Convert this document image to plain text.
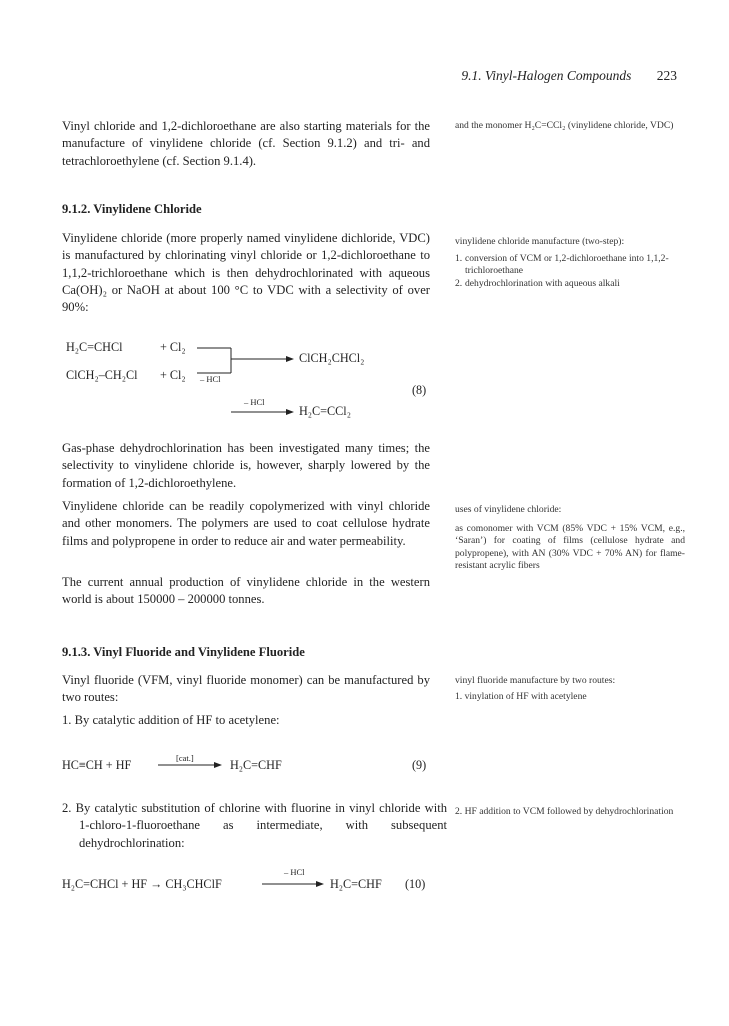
9.1. Vinyl-Halogen Compounds 223

Vinyl chloride and 1,2-dichloroethane are also starting materials for the manufacture of vinylidene chloride (cf. Section 9.1.2) and tri- and tetrachloroethylene (cf. Section 9.1.4).

and the monomer H₂C=CCl₂ (vinylidene chloride, VDC)

9.1.2. Vinylidene Chloride

Vinylidene chloride (more properly named vinylidene dichloride, VDC) is manufactured by chlorinating vinyl chloride or 1,2-dichloroethane to 1,1,2-trichloroethane which is then dehydrochlorinated with aqueous Ca(OH)₂ or NaOH at about 100 °C to VDC with a selectivity of over 90%:

vinylidene chloride manufacture (two-step):
1. conversion of VCM or 1,2-dichloroethane into 1,1,2-trichloroethane
2. dehydrochlorination with aqueous alkali
H₂C=CHCl	+ Cl₂
ClCH₂–CH₂Cl + Cl₂ – HCl
ClCH₂CHCl₂
(8)
– HCl
H₂C=CCl₂

Gas-phase dehydrochlorination has been investigated many times; the selectivity to vinylidene chloride is, however, sharply lowered by the formation of 1,2-dichloroethylene.

Vinylidene chloride can be readily copolymerized with vinyl chloride and other monomers. The polymers are used to coat cellulose hydrate films and polypropene in order to reduce air and water permeability.

The current annual production of vinylidene chloride in the western world is about 150000 – 200000 tonnes.

uses of vinylidene chloride:
as comonomer with VCM (85% VDC + 15% VCM, e.g., ‘Saran’) for coating of films (cellulose hydrate and polypropene), with AN (30% VDC + 70% AN) for flame-resistant acrylic fibers
9.1.3. Vinyl Fluoride and Vinylidene Fluoride

Vinyl fluoride (VFM, vinyl fluoride monomer) can be manufactured by two routes:

1. By catalytic addition of HF to acetylene:

vinyl fluoride manufacture by two routes:
1. vinylation of HF with acetylene
HC≡CH + HF	[cat.]	H₂C=CHF	(9)

2. By catalytic substitution of chlorine with fluorine in vinyl chloride with 1-chloro-1-fluoroethane as intermediate, with subsequent dehydrochlorination:

2. HF addition to VCM followed by dehydrochlorination
H₂C=CHCl + HF → CH₃CHClF
– HCl
H₂C=CHF (10)
